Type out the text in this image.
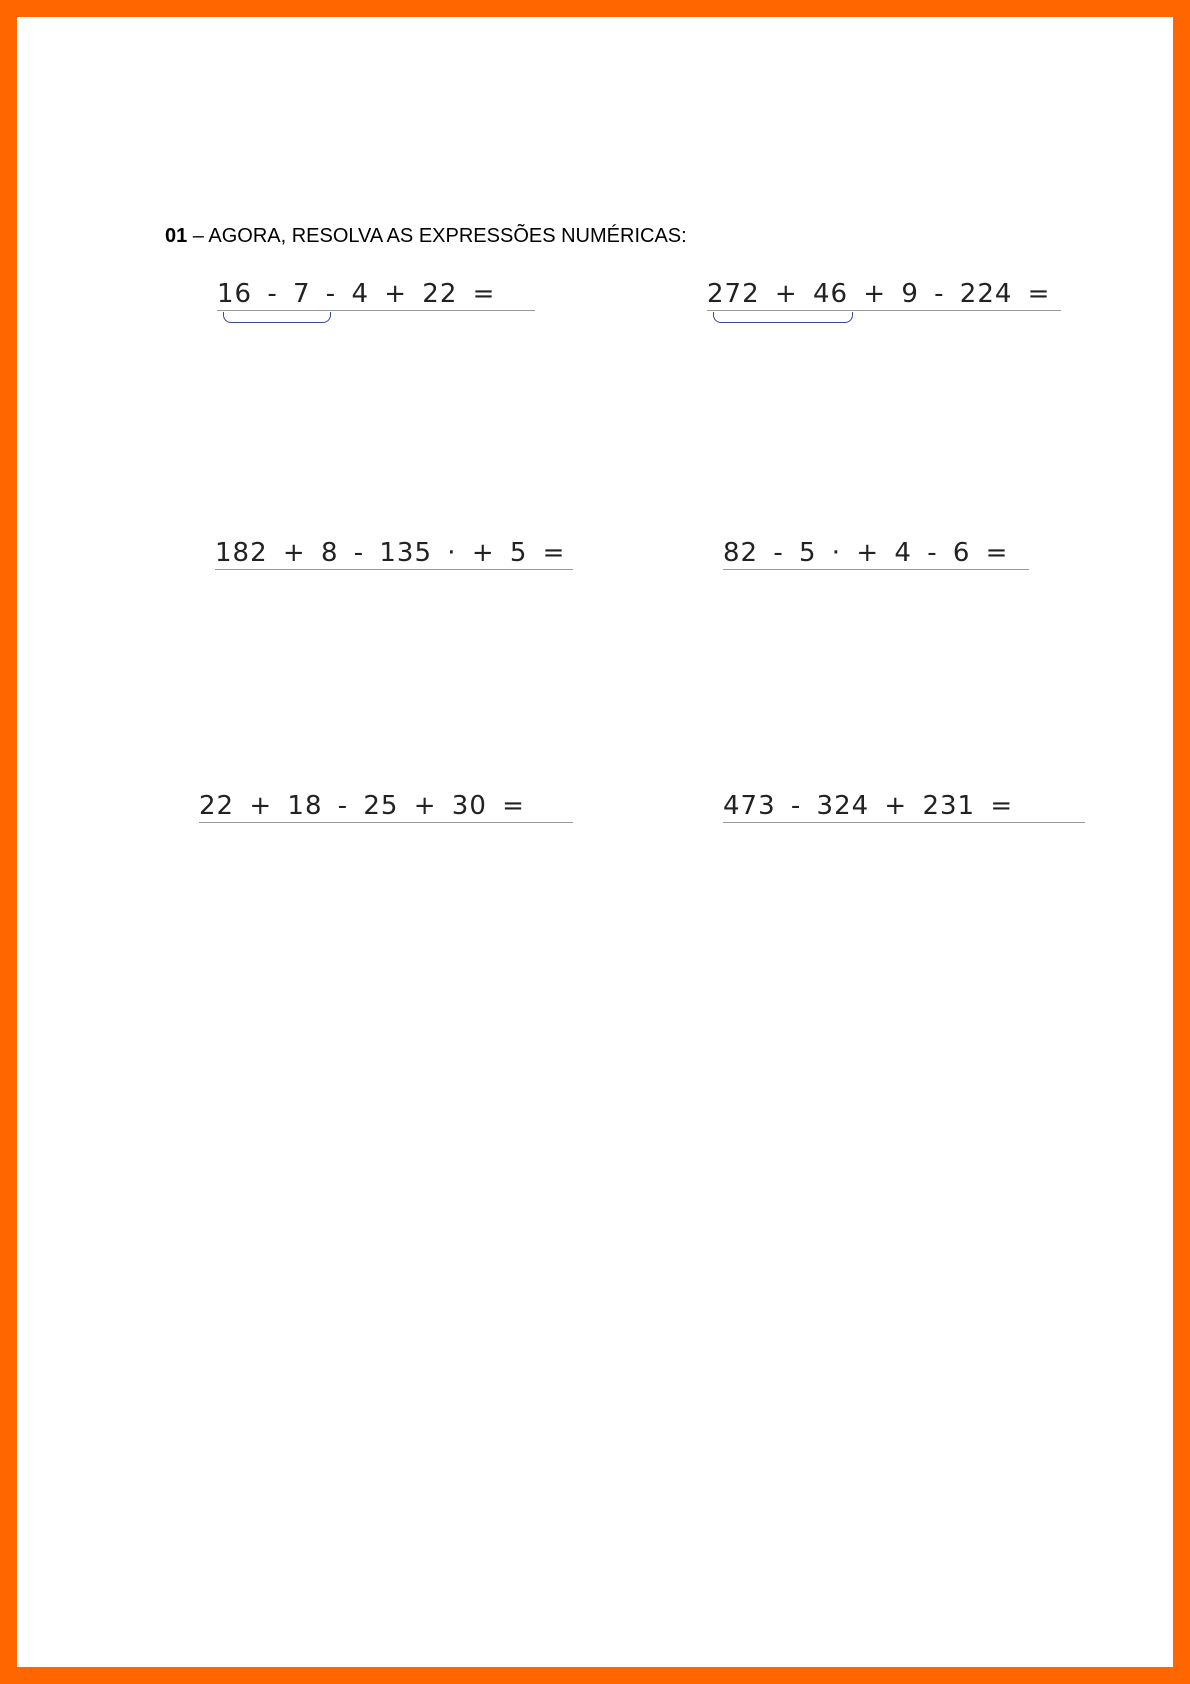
01 – AGORA, RESOLVA AS EXPRESSÕES NUMÉRICAS:

16 - 7 - 4 + 22 =	272 + 46 + 9 - 224 =
182 + 8 - 135 · + 5 =	82 - 5 · + 4 - 6 =
22 + 18 - 25 + 30 =	473 - 324 + 231 =
